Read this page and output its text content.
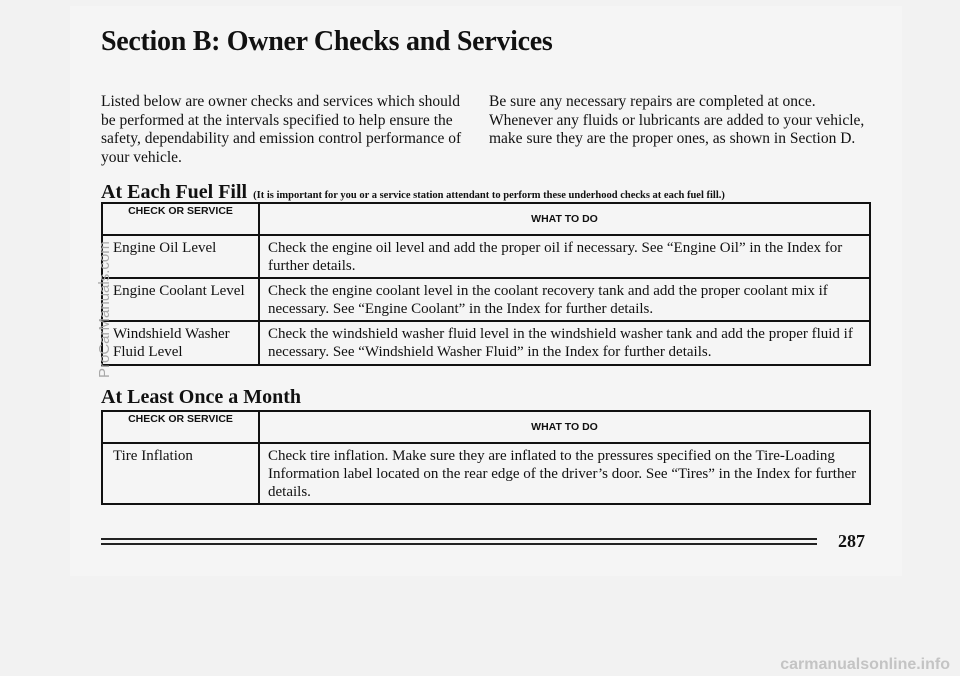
Section B: Owner Checks and Services

Listed below are owner checks and services which should be performed at the intervals specified to help ensure the safety, dependability and emission control performance of your vehicle.

Be sure any necessary repairs are completed at once. Whenever any fluids or lubricants are added to your vehicle, make sure they are the proper ones, as shown in Section D.

At Each Fuel Fill (It is important for you or a service station attendant to perform these underhood checks at each fuel fill.)
CHECK OR SERVICE	WHAT TO DO
Engine Oil Level	Check the engine oil level and add the proper oil if necessary. See “Engine Oil” in the Index for further details.
Engine Coolant Level	Check the engine coolant level in the coolant recovery tank and add the proper coolant mix if necessary. See “Engine Coolant” in the Index for further details.
Windshield Washer Fluid Level	Check the windshield washer fluid level in the windshield washer tank and add the proper fluid if necessary. See “Windshield Washer Fluid” in the Index for further details.
At Least Once a Month
CHECK OR SERVICE	WHAT TO DO
Tire Inflation	Check tire inflation. Make sure they are inflated to the pressures specified on the Tire-Loading Information label located on the rear edge of the driver’s door. See “Tires” in the Index for further details.

287

ProCarManuals.com
carmanualsonline.info
